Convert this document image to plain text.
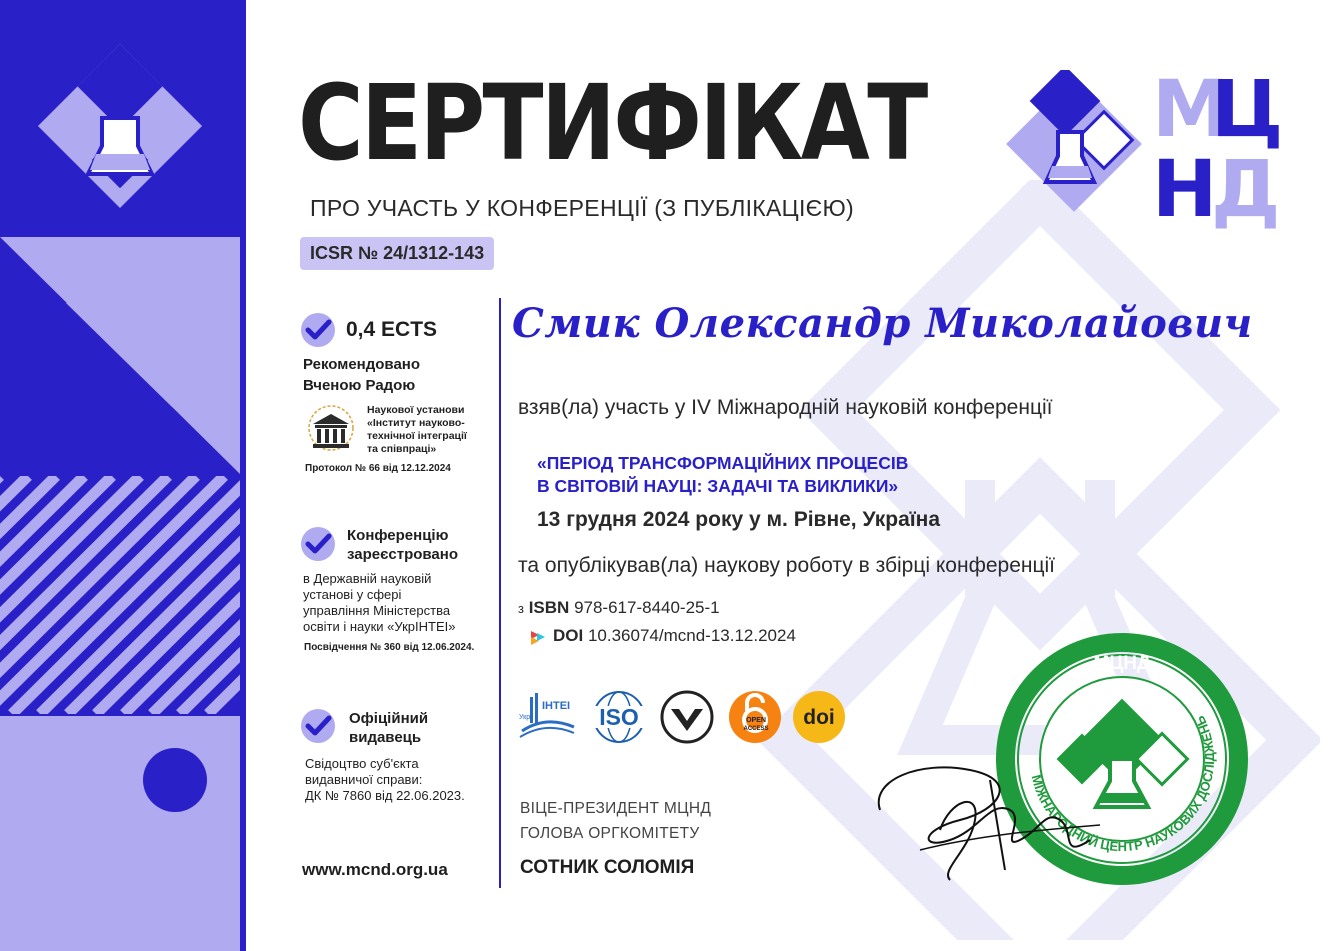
СЕРТИФІКАТ

ПРО УЧАСТЬ У КОНФЕРЕНЦІЇ (З ПУБЛІКАЦІЄЮ)

ICSR № 24/1312-143

М
Ц
Н
Д

0,4 ECTS

Рекомендовано

Вченою Радою

Наукової установи
«Інститут науково-
технічної інтеграції
та співпраці»

Протокол № 66 від 12.12.2024

Конференцію

зареєстровано

в Державній науковій
установі у сфері
управління Міністерства
освіти і науки «УкрІНТЕІ»

Посвідчення № 360 від 12.06.2024.

Офіційний

видавець

Свідоцтво суб'єкта
видавничої справи:
ДК № 7860 від 22.06.2023.

www.mcnd.org.ua

Смик Олександр Миколайович

взяв(ла) участь у IV Міжнародній науковій конференції

«ПЕРІОД ТРАНСФОРМАЦІЙНИХ ПРОЦЕСІВ

В СВІТОВІЙ НАУЦІ: ЗАДАЧІ ТА ВИКЛИКИ»

13 грудня 2024 року у м. Рівне, Україна

та опублікував(ла) наукову роботу в збірці конференції

з ISBN 978-617-8440-25-1

DOI 10.36074/mcnd-13.12.2024

ІНТЕІ
Укр	ISO	OPEN
ACCESS doi

ВІЦЕ-ПРЕЗИДЕНТ МЦНД

ГОЛОВА ОРГКОМІТЕТУ

СОТНИК СОЛОМІЯ

МЦНД
МІЖНАРОДНИЙ ЦЕНТР НАУКОВИХ ДОСЛІДЖЕНЬ
